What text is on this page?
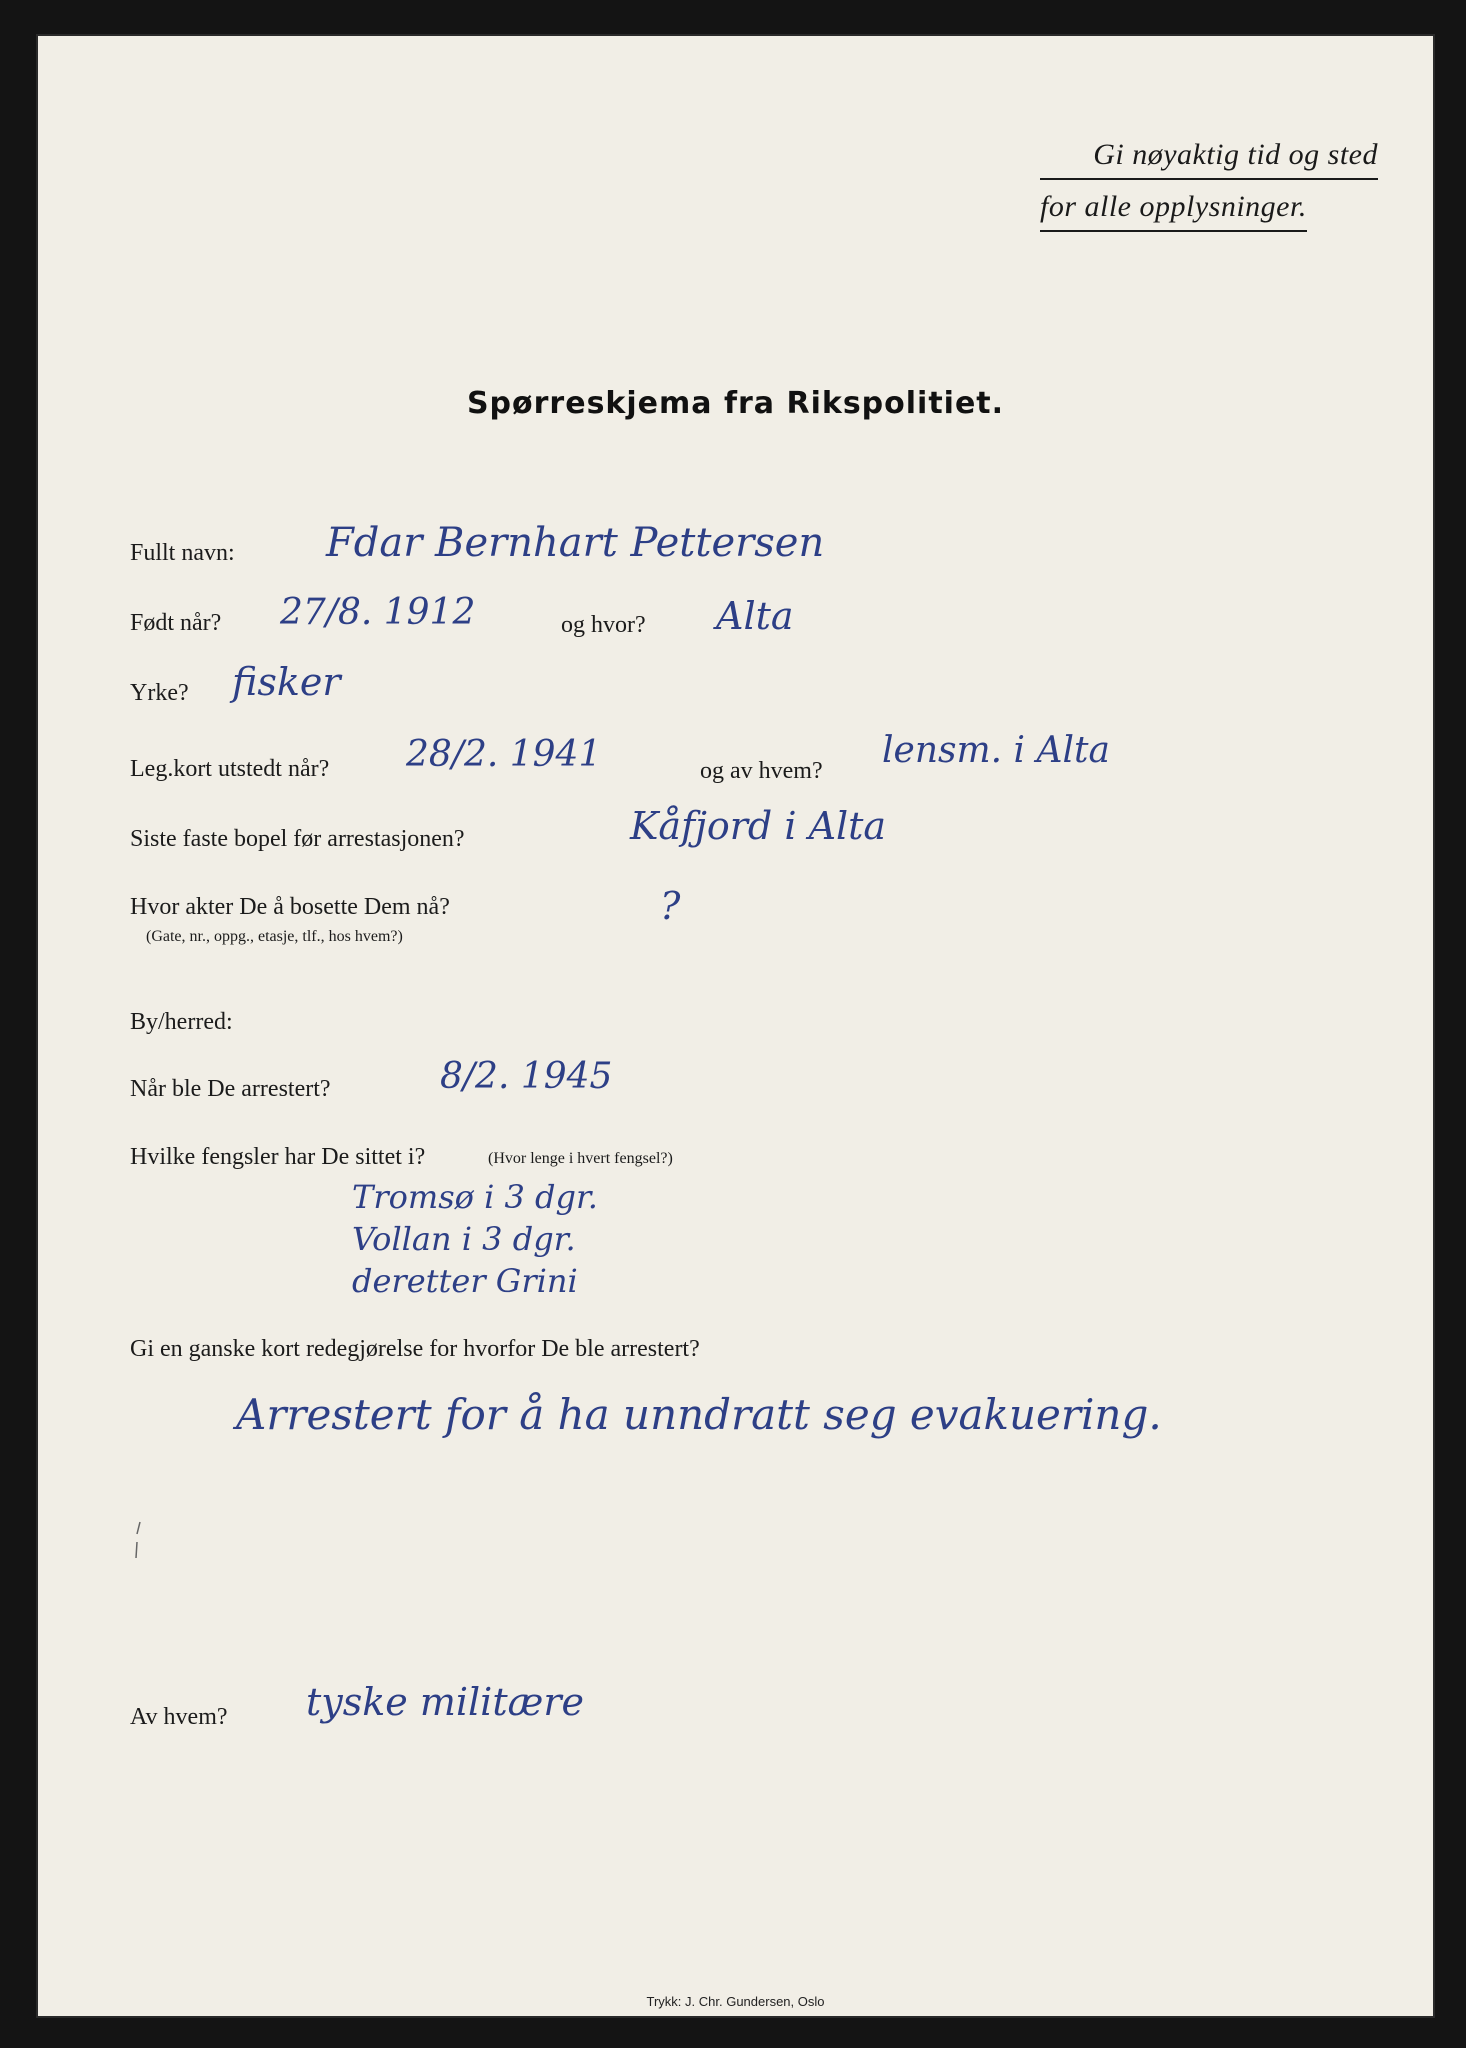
Gi nøyaktig tid og sted
for alle opplysninger.
Spørreskjema fra Rikspolitiet.
Fullt navn: Fdar Bernhart Pettersen
Født når? 27/8. 1912	og hvor? Alta
Yrke? fisker
Leg.kort utstedt når? 28/2. 1941	og av hvem? lensm. i Alta
Siste faste bopel før arrestasjonen?	Kåfjord i Alta
Hvor akter De å bosette Dem nå?
(Gate, nr., oppg., etasje, tlf., hos hvem?)
?
By/herred:
Når ble De arrestert?	8/2. 1945
Hvilke fengsler har De sittet i?	(Hvor lenge i hvert fengsel?)
Tromsø i 3 dgr.
Vollan i 3 dgr.
deretter Grini
Gi en ganske kort redegjørelse for hvorfor De ble arrestert?
Arrestert for å ha unndratt seg evakuering.
Av hvem? tyske militære
Trykk: J. Chr. Gundersen, Oslo
